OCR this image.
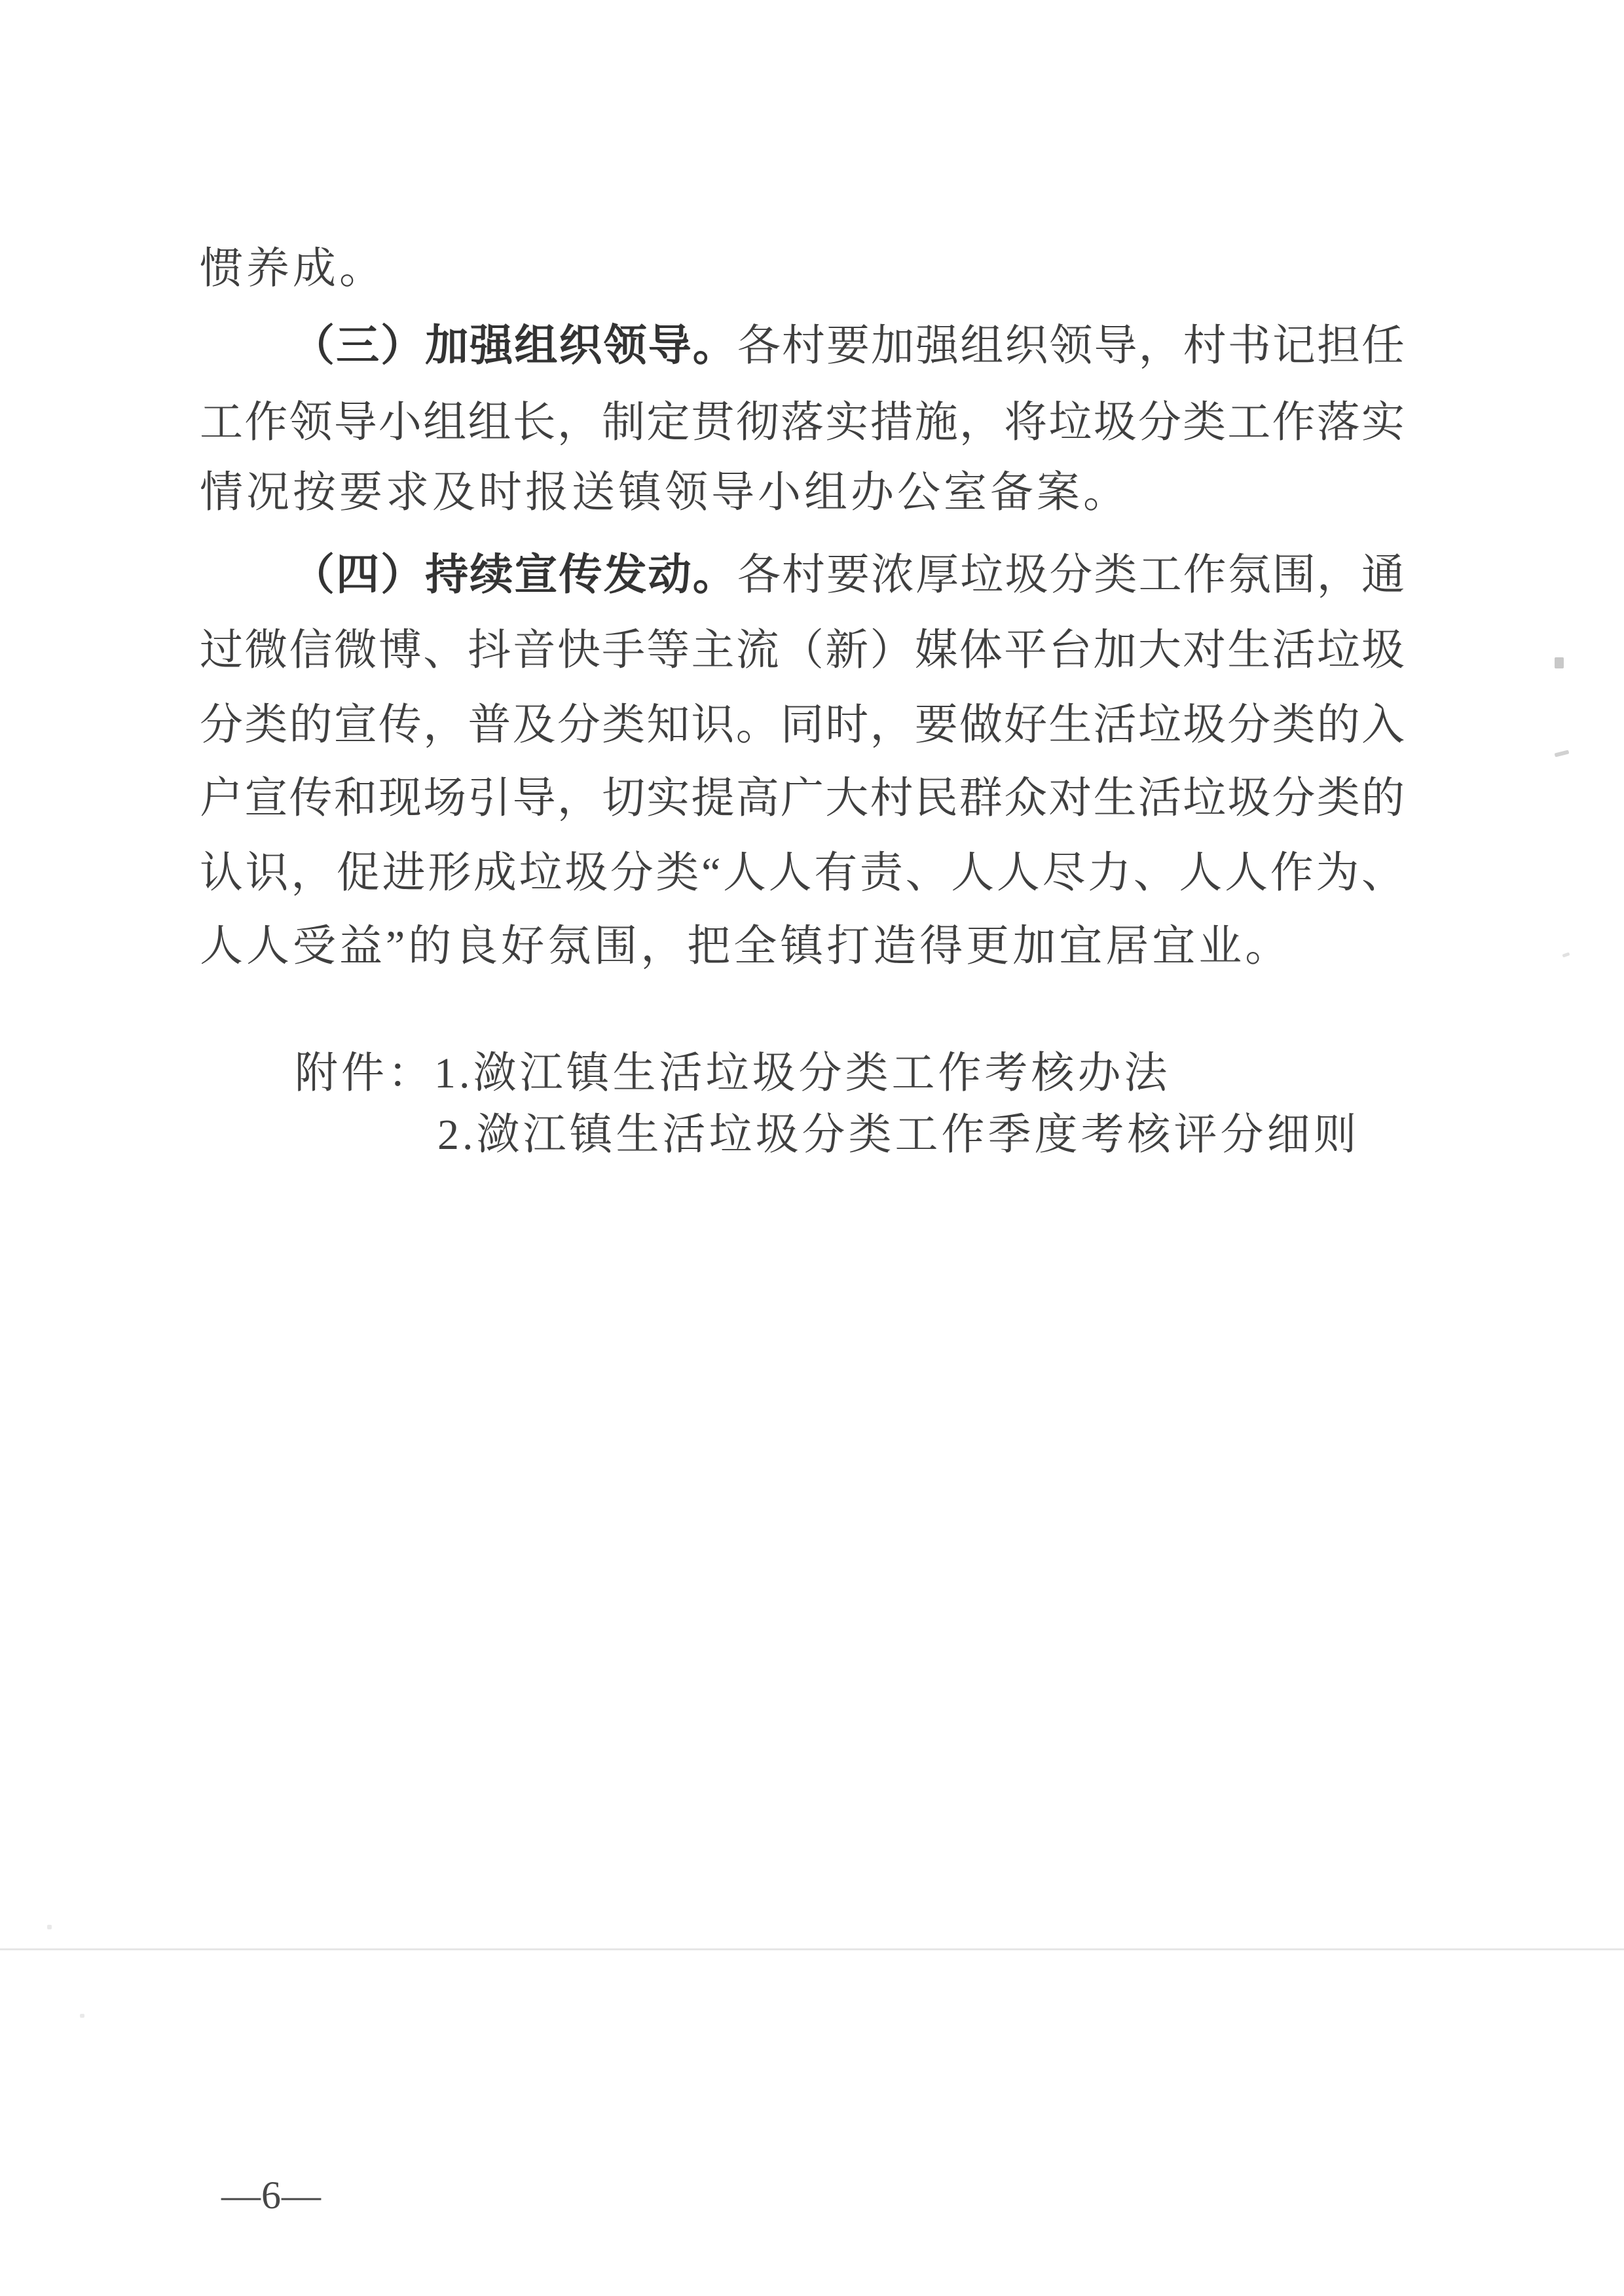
惯养成。
（三）加强组织领导。各村要加强组织领导，村书记担任
工作领导小组组长，制定贯彻落实措施，将垃圾分类工作落实
情况按要求及时报送镇领导小组办公室备案。
（四）持续宣传发动。各村要浓厚垃圾分类工作氛围，通
过微信微博、抖音快手等主流（新）媒体平台加大对生活垃圾
分类的宣传，普及分类知识。同时，要做好生活垃圾分类的入
户宣传和现场引导，切实提高广大村民群众对生活垃圾分类的
认识，促进形成垃圾分类“人人有责、人人尽力、人人作为、
人人受益”的良好氛围，把全镇打造得更加宜居宜业。
附件：1.潋江镇生活垃圾分类工作考核办法
2.潋江镇生活垃圾分类工作季度考核评分细则
—6—
